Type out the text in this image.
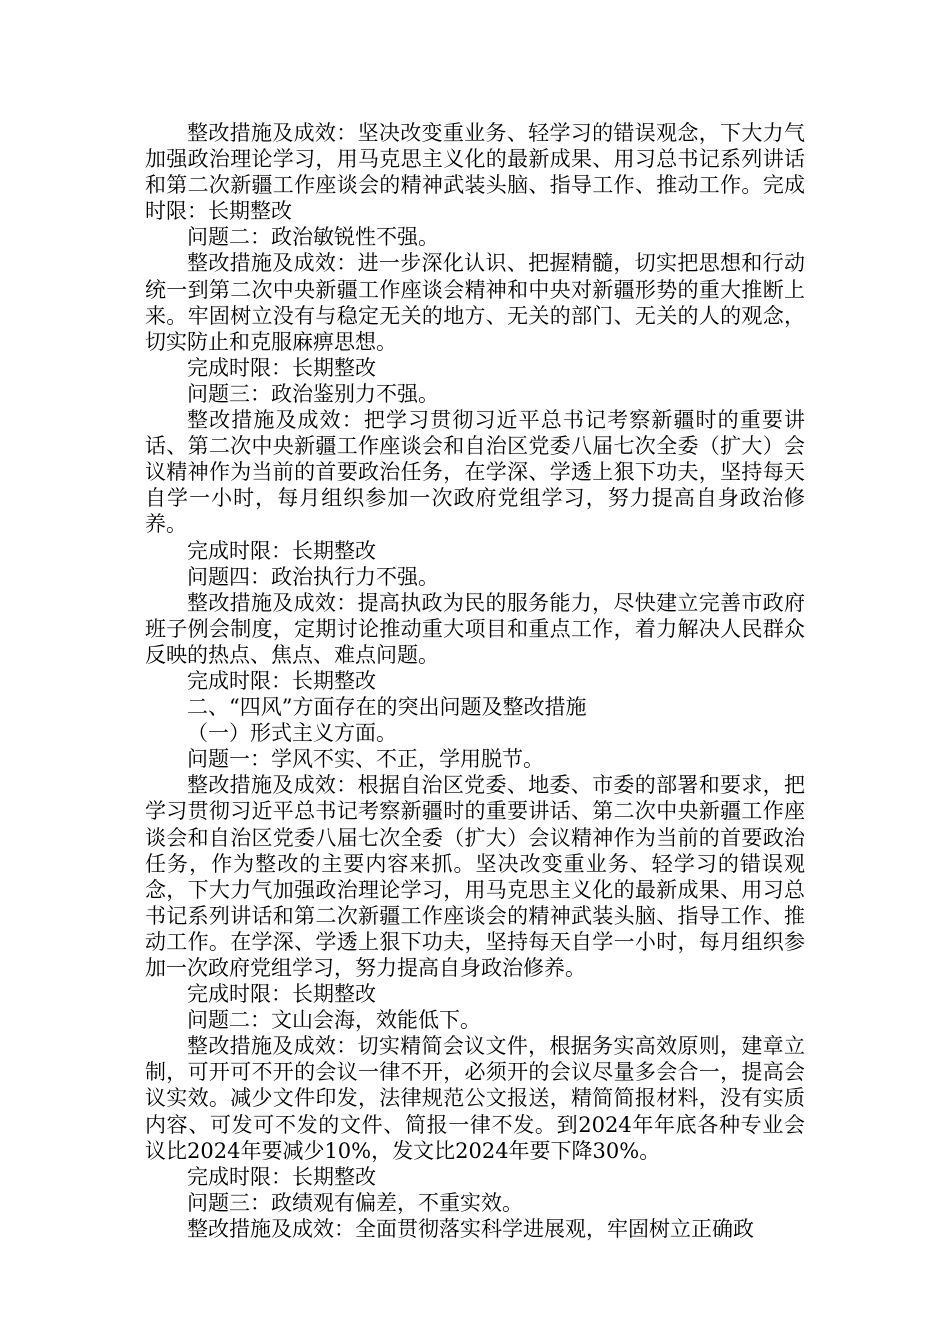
整改措施及成效：坚决改变重业务、轻学习的错误观念，下大力气加强政治理论学习，用马克思主义化的最新成果、用习总书记系列讲话和第二次新疆工作座谈会的精神武装头脑、指导工作、推动工作。完成时限：长期整改

问题二：政治敏锐性不强。

整改措施及成效：进一步深化认识、把握精髓，切实把思想和行动统一到第二次中央新疆工作座谈会精神和中央对新疆形势的重大推断上来。牢固树立没有与稳定无关的地方、无关的部门、无关的人的观念，切实防止和克服麻痹思想。

完成时限：长期整改

问题三：政治鉴别力不强。

整改措施及成效：把学习贯彻习近平总书记考察新疆时的重要讲话、第二次中央新疆工作座谈会和自治区党委八届七次全委（扩大）会议精神作为当前的首要政治任务，在学深、学透上狠下功夫，坚持每天自学一小时，每月组织参加一次政府党组学习，努力提高自身政治修养。

完成时限：长期整改

问题四：政治执行力不强。

整改措施及成效：提高执政为民的服务能力，尽快建立完善市政府班子例会制度，定期讨论推动重大项目和重点工作，着力解决人民群众反映的热点、焦点、难点问题。

完成时限：长期整改

二、“四风”方面存在的突出问题及整改措施

（一）形式主义方面。

问题一：学风不实、不正，学用脱节。

整改措施及成效：根据自治区党委、地委、市委的部署和要求，把学习贯彻习近平总书记考察新疆时的重要讲话、第二次中央新疆工作座谈会和自治区党委八届七次全委（扩大）会议精神作为当前的首要政治任务，作为整改的主要内容来抓。坚决改变重业务、轻学习的错误观念，下大力气加强政治理论学习，用马克思主义化的最新成果、用习总书记系列讲话和第二次新疆工作座谈会的精神武装头脑、指导工作、推动工作。在学深、学透上狠下功夫，坚持每天自学一小时，每月组织参加一次政府党组学习，努力提高自身政治修养。

完成时限：长期整改

问题二：文山会海，效能低下。

整改措施及成效：切实精简会议文件，根据务实高效原则，建章立制，可开可不开的会议一律不开，必须开的会议尽量多会合一，提高会议实效。减少文件印发，法律规范公文报送，精简简报材料，没有实质内容、可发可不发的文件、简报一律不发。到2024年年底各种专业会议比2024年要减少10%，发文比2024年要下降30%。

完成时限：长期整改

问题三：政绩观有偏差，不重实效。

整改措施及成效：全面贯彻落实科学进展观，牢固树立正确政
